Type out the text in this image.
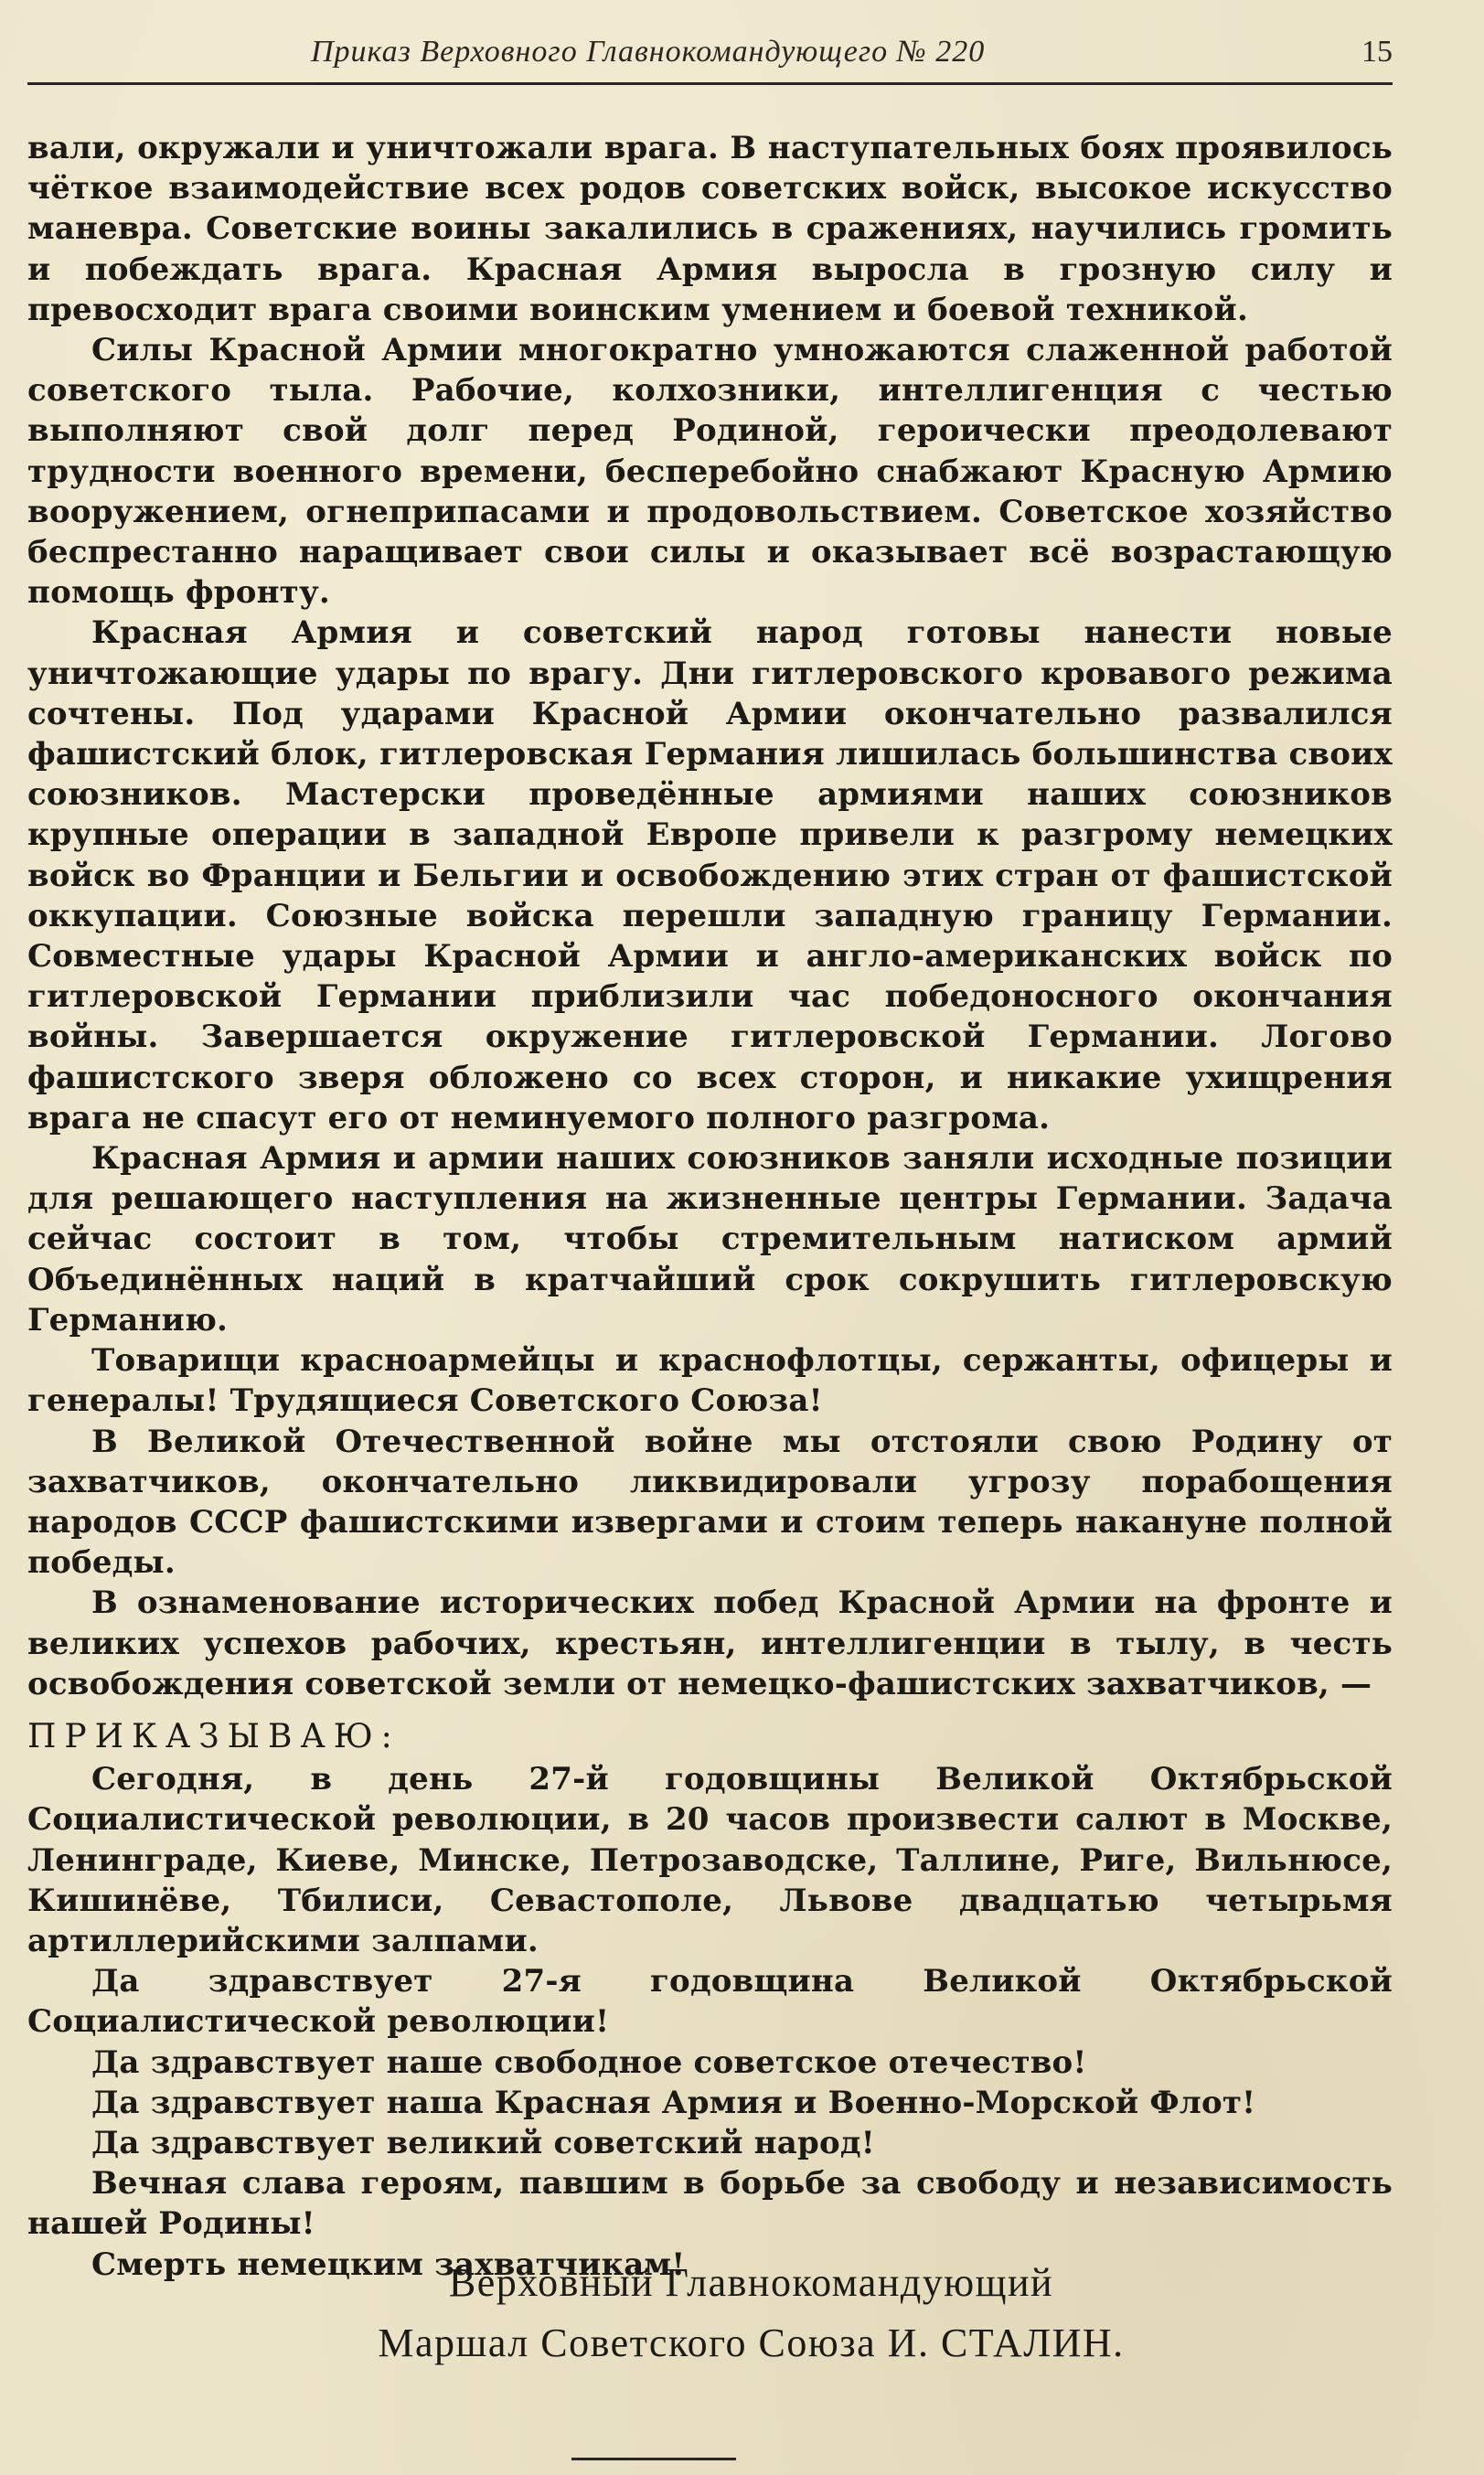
Приказ Верховного Главнокомандующего № 220	15

вали, окружали и уничтожали врага. В наступательных боях проявилось чёткое взаимодействие всех родов советских войск, высокое искусство маневра. Советские воины закалились в сражениях, научились громить и побеждать врага. Красная Армия выросла в грозную силу и превосходит врага своими воинским умением и боевой техникой.

Силы Красной Армии многократно умножаются слаженной работой советского тыла. Рабочие, колхозники, интеллигенция с честью выполняют свой долг перед Родиной, героически преодолевают трудности военного времени, бесперебойно снабжают Красную Армию вооружением, огнеприпасами и продовольствием. Советское хозяйство беспрестанно наращивает свои силы и оказывает всё возрастающую помощь фронту.

Красная Армия и советский народ готовы нанести новые уничтожающие удары по врагу. Дни гитлеровского кровавого режима сочтены. Под ударами Красной Армии окончательно развалился фашистский блок, гитлеровская Германия лишилась большинства своих союзников. Мастерски проведённые армиями наших союзников крупные операции в западной Европе привели к разгрому немецких войск во Франции и Бельгии и освобождению этих стран от фашистской оккупации. Союзные войска перешли западную границу Германии. Совместные удары Красной Армии и англо-американских войск по гитлеровской Германии приблизили час победоносного окончания войны. Завершается окружение гитлеровской Германии. Логово фашистского зверя обложено со всех сторон, и никакие ухищрения врага не спасут его от неминуемого полного разгрома.

Красная Армия и армии наших союзников заняли исходные позиции для решающего наступления на жизненные центры Германии. Задача сейчас состоит в том, чтобы стремительным натиском армий Объединённых наций в кратчайший срок сокрушить гитлеровскую Германию.

Товарищи красноармейцы и краснофлотцы, сержанты, офицеры и генералы! Трудящиеся Советского Союза!

В Великой Отечественной войне мы отстояли свою Родину от захватчиков, окончательно ликвидировали угрозу порабощения народов СССР фашистскими извергами и стоим теперь накануне полной победы.

В ознаменование исторических побед Красной Армии на фронте и великих успехов рабочих, крестьян, интеллигенции в тылу, в честь освобождения советской земли от немецко-фашистских захватчиков, —

ПРИКАЗЫВАЮ:

Сегодня, в день 27-й годовщины Великой Октябрьской Социалистической революции, в 20 часов произвести салют в Москве, Ленинграде, Киеве, Минске, Петрозаводске, Таллине, Риге, Вильнюсе, Кишинёве, Тбилиси, Севастополе, Львове двадцатью четырьмя артиллерийскими залпами.

Да здравствует 27-я годовщина Великой Октябрьской Социалистической революции!

Да здравствует наше свободное советское отечество!

Да здравствует наша Красная Армия и Военно-Морской Флот!

Да здравствует великий советский народ!

Вечная слава героям, павшим в борьбе за свободу и независимость нашей Родины!

Смерть немецким захватчикам!

Верховный Главнокомандующий
Маршал Советского Союза И. СТАЛИН.
